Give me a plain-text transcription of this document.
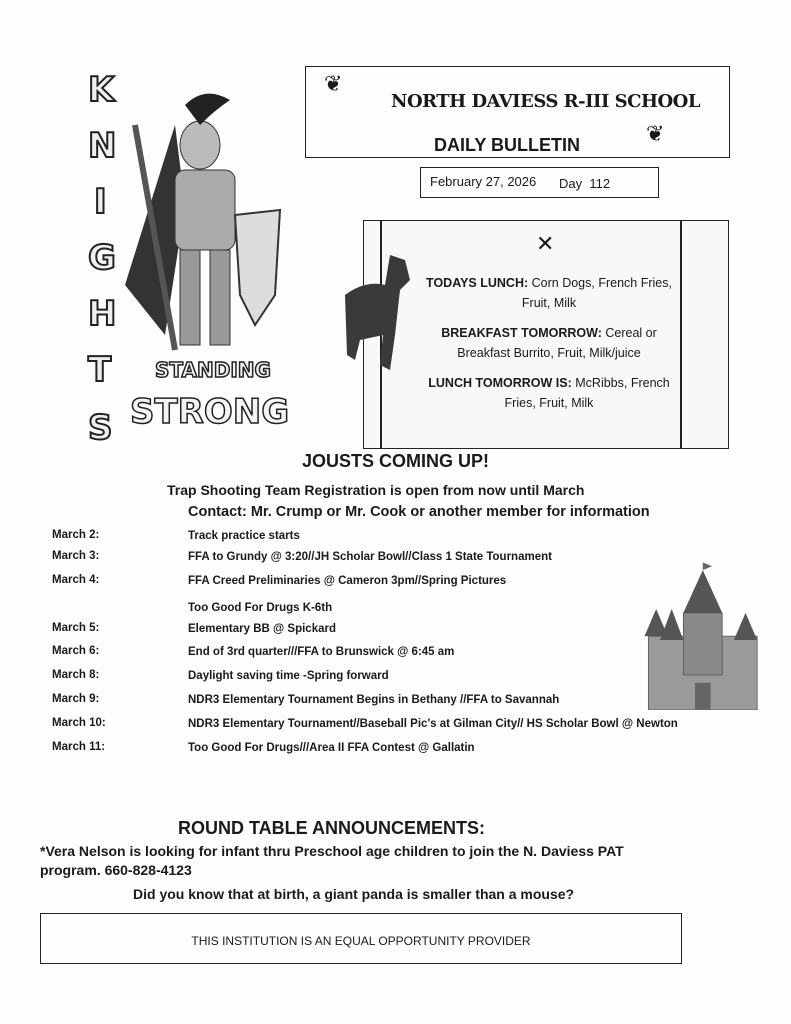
K
N
I
G
H
T
S
STANDING
STRONG
❦
NORTH DAVIESS R-III SCHOOL
DAILY BULLETIN	❦
February 27, 2026 Day  112
✕

TODAYS LUNCH: Corn Dogs, French Fries, Fruit, Milk

BREAKFAST TOMORROW: Cereal or Breakfast Burrito, Fruit, Milk/juice

LUNCH TOMORROW IS: McRibbs, French Fries, Fruit, Milk

JOUSTS COMING UP!
Trap Shooting Team Registration is open from now until March
Contact: Mr. Crump or Mr. Cook or another member for information
March 2:	Track practice starts
March 3:	FFA to Grundy @ 3:20//JH Scholar Bowl//Class 1 State Tournament
March 4:	FFA Creed Preliminaries @ Cameron 3pm//Spring Pictures
Too Good For Drugs K-6th
March 5:	Elementary BB @ Spickard
March 6:	End of 3rd quarter///FFA to Brunswick @ 6:45 am
March 8:	Daylight saving time -Spring forward
March 9:	NDR3 Elementary Tournament Begins in Bethany //FFA to Savannah
March 10:	NDR3 Elementary Tournament//Baseball Pic's at Gilman City// HS Scholar Bowl @ Newton
March 11:	Too Good For Drugs///Area II FFA Contest @ Gallatin
ROUND TABLE ANNOUNCEMENTS:
*Vera Nelson is looking for infant thru Preschool age children to join the N. Daviess PAT program. 660-828-4123
Did you know that at birth, a giant panda is smaller than a mouse?
THIS INSTITUTION IS AN EQUAL OPPORTUNITY PROVIDER
